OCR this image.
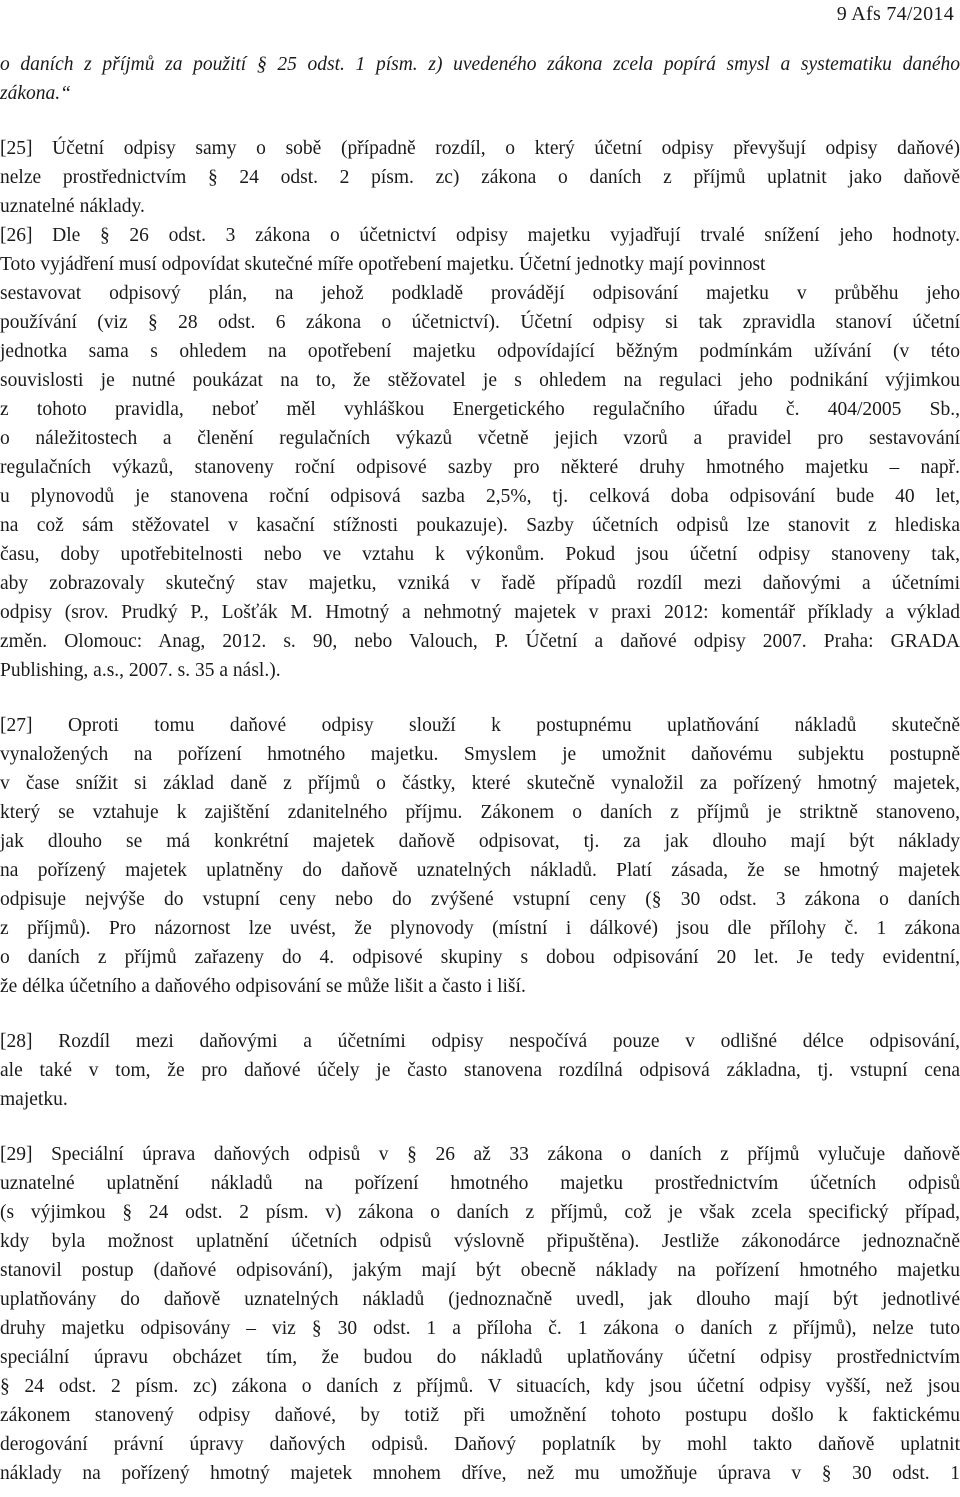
9 Afs 74/2014
o daních z příjmů za použití § 25 odst. 1 písm. z) uvedeného zákona zcela popírá smysl a systematiku daného
zákona.“
[25] Účetní odpisy samy o sobě (případně rozdíl, o který účetní odpisy převyšují odpisy daňové)
nelze prostřednictvím § 24 odst. 2 písm. zc) zákona o daních z příjmů uplatnit jako daňově
uznatelné náklady.
[26] Dle § 26 odst. 3 zákona o účetnictví odpisy majetku vyjadřují trvalé snížení jeho hodnoty.
Toto vyjádření musí odpovídat skutečné míře opotřebení majetku. Účetní jednotky mají povinnost
sestavovat odpisový plán, na jehož podkladě provádějí odpisování majetku v průběhu jeho
používání (viz § 28 odst. 6 zákona o účetnictví). Účetní odpisy si tak zpravidla stanoví účetní
jednotka sama s ohledem na opotřebení majetku odpovídající běžným podmínkám užívání (v této
souvislosti je nutné poukázat na to, že stěžovatel je s ohledem na regulaci jeho podnikání výjimkou
z tohoto pravidla, neboť měl vyhláškou Energetického regulačního úřadu č. 404/2005 Sb.,
o náležitostech a členění regulačních výkazů včetně jejich vzorů a pravidel pro sestavování
regulačních výkazů, stanoveny roční odpisové sazby pro některé druhy hmotného majetku – např.
u plynovodů je stanovena roční odpisová sazba 2,5%, tj. celková doba odpisování bude 40 let,
na což sám stěžovatel v kasační stížnosti poukazuje). Sazby účetních odpisů lze stanovit z hlediska
času, doby upotřebitelnosti nebo ve vztahu k výkonům. Pokud jsou účetní odpisy stanoveny tak,
aby zobrazovaly skutečný stav majetku, vzniká v řadě případů rozdíl mezi daňovými a účetními
odpisy (srov. Prudký P., Lošťák M. Hmotný a nehmotný majetek v praxi 2012: komentář příklady a výklad
změn. Olomouc: Anag, 2012. s. 90, nebo Valouch, P. Účetní a daňové odpisy 2007. Praha: GRADA
Publishing, a.s., 2007. s. 35 a násl.).
[27] Oproti tomu daňové odpisy slouží k postupnému uplatňování nákladů skutečně
vynaložených na pořízení hmotného majetku. Smyslem je umožnit daňovému subjektu postupně
v čase snížit si základ daně z příjmů o částky, které skutečně vynaložil za pořízený hmotný majetek,
který se vztahuje k zajištění zdanitelného příjmu. Zákonem o daních z příjmů je striktně stanoveno,
jak dlouho se má konkrétní majetek daňově odpisovat, tj. za jak dlouho mají být náklady
na pořízený majetek uplatněny do daňově uznatelných nákladů. Platí zásada, že se hmotný majetek
odpisuje nejvýše do vstupní ceny nebo do zvýšené vstupní ceny (§ 30 odst. 3 zákona o daních
z příjmů). Pro názornost lze uvést, že plynovody (místní i dálkové) jsou dle přílohy č. 1 zákona
o daních z příjmů zařazeny do 4. odpisové skupiny s dobou odpisování 20 let. Je tedy evidentní,
že délka účetního a daňového odpisování se může lišit a často i liší.
[28] Rozdíl mezi daňovými a účetními odpisy nespočívá pouze v odlišné délce odpisování,
ale také v tom, že pro daňové účely je často stanovena rozdílná odpisová základna, tj. vstupní cena
majetku.
[29] Speciální úprava daňových odpisů v § 26 až 33 zákona o daních z příjmů vylučuje daňově
uznatelné uplatnění nákladů na pořízení hmotného majetku prostřednictvím účetních odpisů
(s výjimkou § 24 odst. 2 písm. v) zákona o daních z příjmů, což je však zcela specifický případ,
kdy byla možnost uplatnění účetních odpisů výslovně připuštěna). Jestliže zákonodárce jednoznačně
stanovil postup (daňové odpisování), jakým mají být obecně náklady na pořízení hmotného majetku
uplatňovány do daňově uznatelných nákladů (jednoznačně uvedl, jak dlouho mají být jednotlivé
druhy majetku odpisovány – viz § 30 odst. 1 a příloha č. 1 zákona o daních z příjmů), nelze tuto
speciální úpravu obcházet tím, že budou do nákladů uplatňovány účetní odpisy prostřednictvím
§ 24 odst. 2 písm. zc) zákona o daních z příjmů. V situacích, kdy jsou účetní odpisy vyšší, než jsou
zákonem stanovený odpisy daňové, by totiž při umožnění tohoto postupu došlo k faktickému
derogování právní úpravy daňových odpisů. Daňový poplatník by mohl takto daňově uplatnit
náklady na pořízený hmotný majetek mnohem dříve, než mu umožňuje úprava v § 30 odst. 1
